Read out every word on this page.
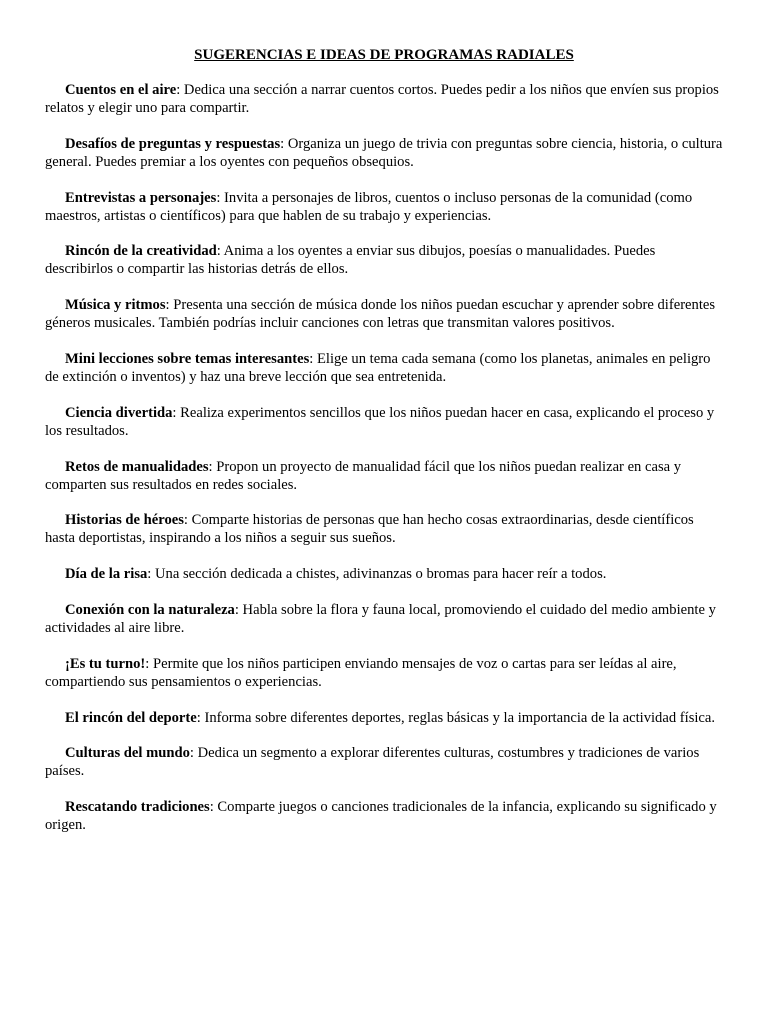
SUGERENCIAS E IDEAS DE PROGRAMAS RADIALES

Cuentos en el aire: Dedica una sección a narrar cuentos cortos. Puedes pedir a los niños que envíen sus propios relatos y elegir uno para compartir.

Desafíos de preguntas y respuestas: Organiza un juego de trivia con preguntas sobre ciencia, historia, o cultura general. Puedes premiar a los oyentes con pequeños obsequios.

Entrevistas a personajes: Invita a personajes de libros, cuentos o incluso personas de la comunidad (como maestros, artistas o científicos) para que hablen de su trabajo y experiencias.

Rincón de la creatividad: Anima a los oyentes a enviar sus dibujos, poesías o manualidades. Puedes describirlos o compartir las historias detrás de ellos.

Música y ritmos: Presenta una sección de música donde los niños puedan escuchar y aprender sobre diferentes géneros musicales. También podrías incluir canciones con letras que transmitan valores positivos.

Mini lecciones sobre temas interesantes: Elige un tema cada semana (como los planetas, animales en peligro de extinción o inventos) y haz una breve lección que sea entretenida.

Ciencia divertida: Realiza experimentos sencillos que los niños puedan hacer en casa, explicando el proceso y los resultados.

Retos de manualidades: Propon un proyecto de manualidad fácil que los niños puedan realizar en casa y comparten sus resultados en redes sociales.

Historias de héroes: Comparte historias de personas que han hecho cosas extraordinarias, desde científicos hasta deportistas, inspirando a los niños a seguir sus sueños.

Día de la risa: Una sección dedicada a chistes, adivinanzas o bromas para hacer reír a todos.

Conexión con la naturaleza: Habla sobre la flora y fauna local, promoviendo el cuidado del medio ambiente y actividades al aire libre.

¡Es tu turno!: Permite que los niños participen enviando mensajes de voz o cartas para ser leídas al aire, compartiendo sus pensamientos o experiencias.

El rincón del deporte: Informa sobre diferentes deportes, reglas básicas y la importancia de la actividad física.

Culturas del mundo: Dedica un segmento a explorar diferentes culturas, costumbres y tradiciones de varios países.

Rescatando tradiciones: Comparte juegos o canciones tradicionales de la infancia, explicando su significado y origen.
